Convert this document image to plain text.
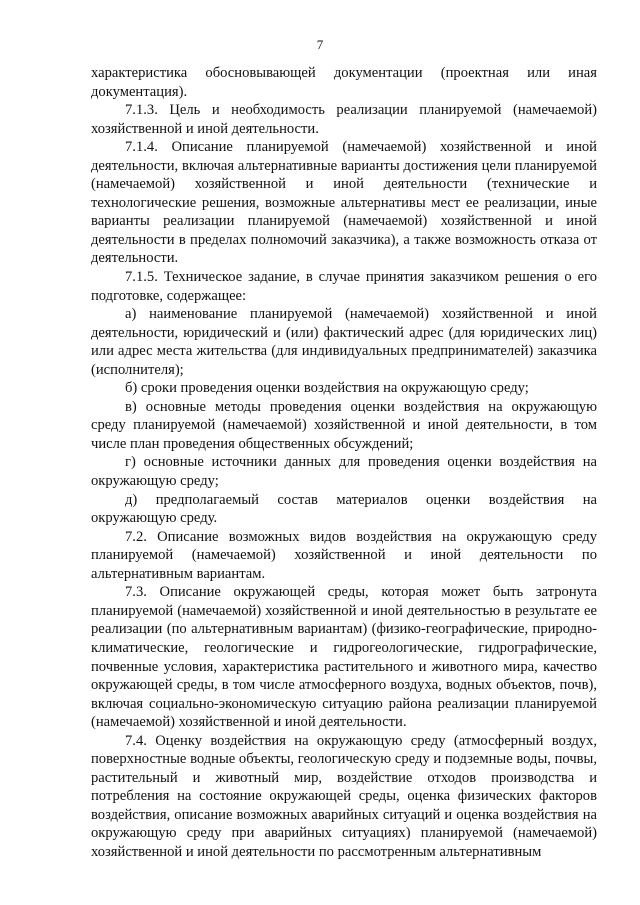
7

характеристика обосновывающей документации (проектная или иная документация).

7.1.3. Цель и необходимость реализации планируемой (намечаемой) хозяйственной и иной деятельности.

7.1.4. Описание планируемой (намечаемой) хозяйственной и иной деятельности, включая альтернативные варианты достижения цели планируемой (намечаемой) хозяйственной и иной деятельности (технические и технологические решения, возможные альтернативы мест ее реализации, иные варианты реализации планируемой (намечаемой) хозяйственной и иной деятельности в пределах полномочий заказчика), а также возможность отказа от деятельности.

7.1.5. Техническое задание, в случае принятия заказчиком решения о его подготовке, содержащее:

а) наименование планируемой (намечаемой) хозяйственной и иной деятельности, юридический и (или) фактический адрес (для юридических лиц) или адрес места жительства (для индивидуальных предпринимателей) заказчика (исполнителя);

б) сроки проведения оценки воздействия на окружающую среду;

в) основные методы проведения оценки воздействия на окружающую среду планируемой (намечаемой) хозяйственной и иной деятельности, в том числе план проведения общественных обсуждений;

г) основные источники данных для проведения оценки воздействия на окружающую среду;

д) предполагаемый состав материалов оценки воздействия на окружающую среду.

7.2. Описание возможных видов воздействия на окружающую среду планируемой (намечаемой) хозяйственной и иной деятельности по альтернативным вариантам.

7.3. Описание окружающей среды, которая может быть затронута планируемой (намечаемой) хозяйственной и иной деятельностью в результате ее реализации (по альтернативным вариантам) (физико-географические, природно-климатические, геологические и гидрогеологические, гидрографические, почвенные условия, характеристика растительного и животного мира, качество окружающей среды, в том числе атмосферного воздуха, водных объектов, почв), включая социально-экономическую ситуацию района реализации планируемой (намечаемой) хозяйственной и иной деятельности.

7.4. Оценку воздействия на окружающую среду (атмосферный воздух, поверхностные водные объекты, геологическую среду и подземные воды, почвы, растительный и животный мир, воздействие отходов производства и потребления на состояние окружающей среды, оценка физических факторов воздействия, описание возможных аварийных ситуаций и оценка воздействия на окружающую среду при аварийных ситуациях) планируемой (намечаемой) хозяйственной и иной деятельности по рассмотренным альтернативным
